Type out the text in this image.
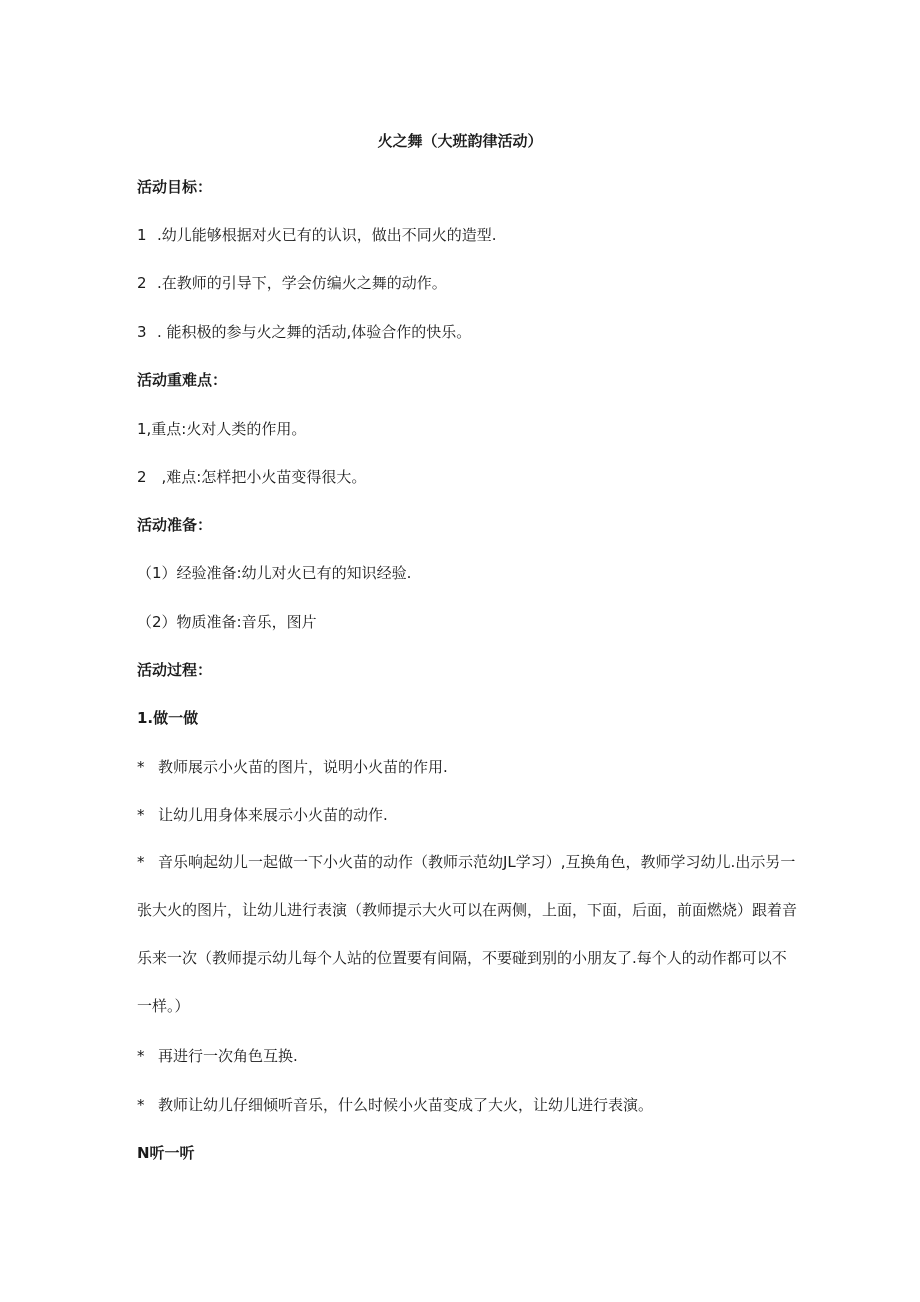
火之舞（大班韵律活动）
活动目标：
1 .幼儿能够根据对火已有的认识，做出不同火的造型.
2 .在教师的引导下，学会仿编火之舞的动作。
3 . 能积极的参与火之舞的活动,体验合作的快乐。
活动重难点：
1,重点:火对人类的作用。
2　,难点:怎样把小火苗变得很大。
活动准备：
（1）经验准备:幼儿对火已有的知识经验.
（2）物质准备:音乐，图片
活动过程：
1.做一做
* 教师展示小火苗的图片，说明小火苗的作用.
* 让幼儿用身体来展示小火苗的动作.
* 音乐响起幼儿一起做一下小火苗的动作（教师示范幼JL学习）,互换角色，教师学习幼儿.出示另一张大火的图片，让幼儿进行表演（教师提示大火可以在两侧，上面，下面，后面，前面燃烧）跟着音乐来一次（教师提示幼儿每个人站的位置要有间隔，不要碰到别的小朋友了.每个人的动作都可以不一样。）
* 再进行一次角色互换.
* 教师让幼儿仔细倾听音乐，什么时候小火苗变成了大火，让幼儿进行表演。
N听一听
